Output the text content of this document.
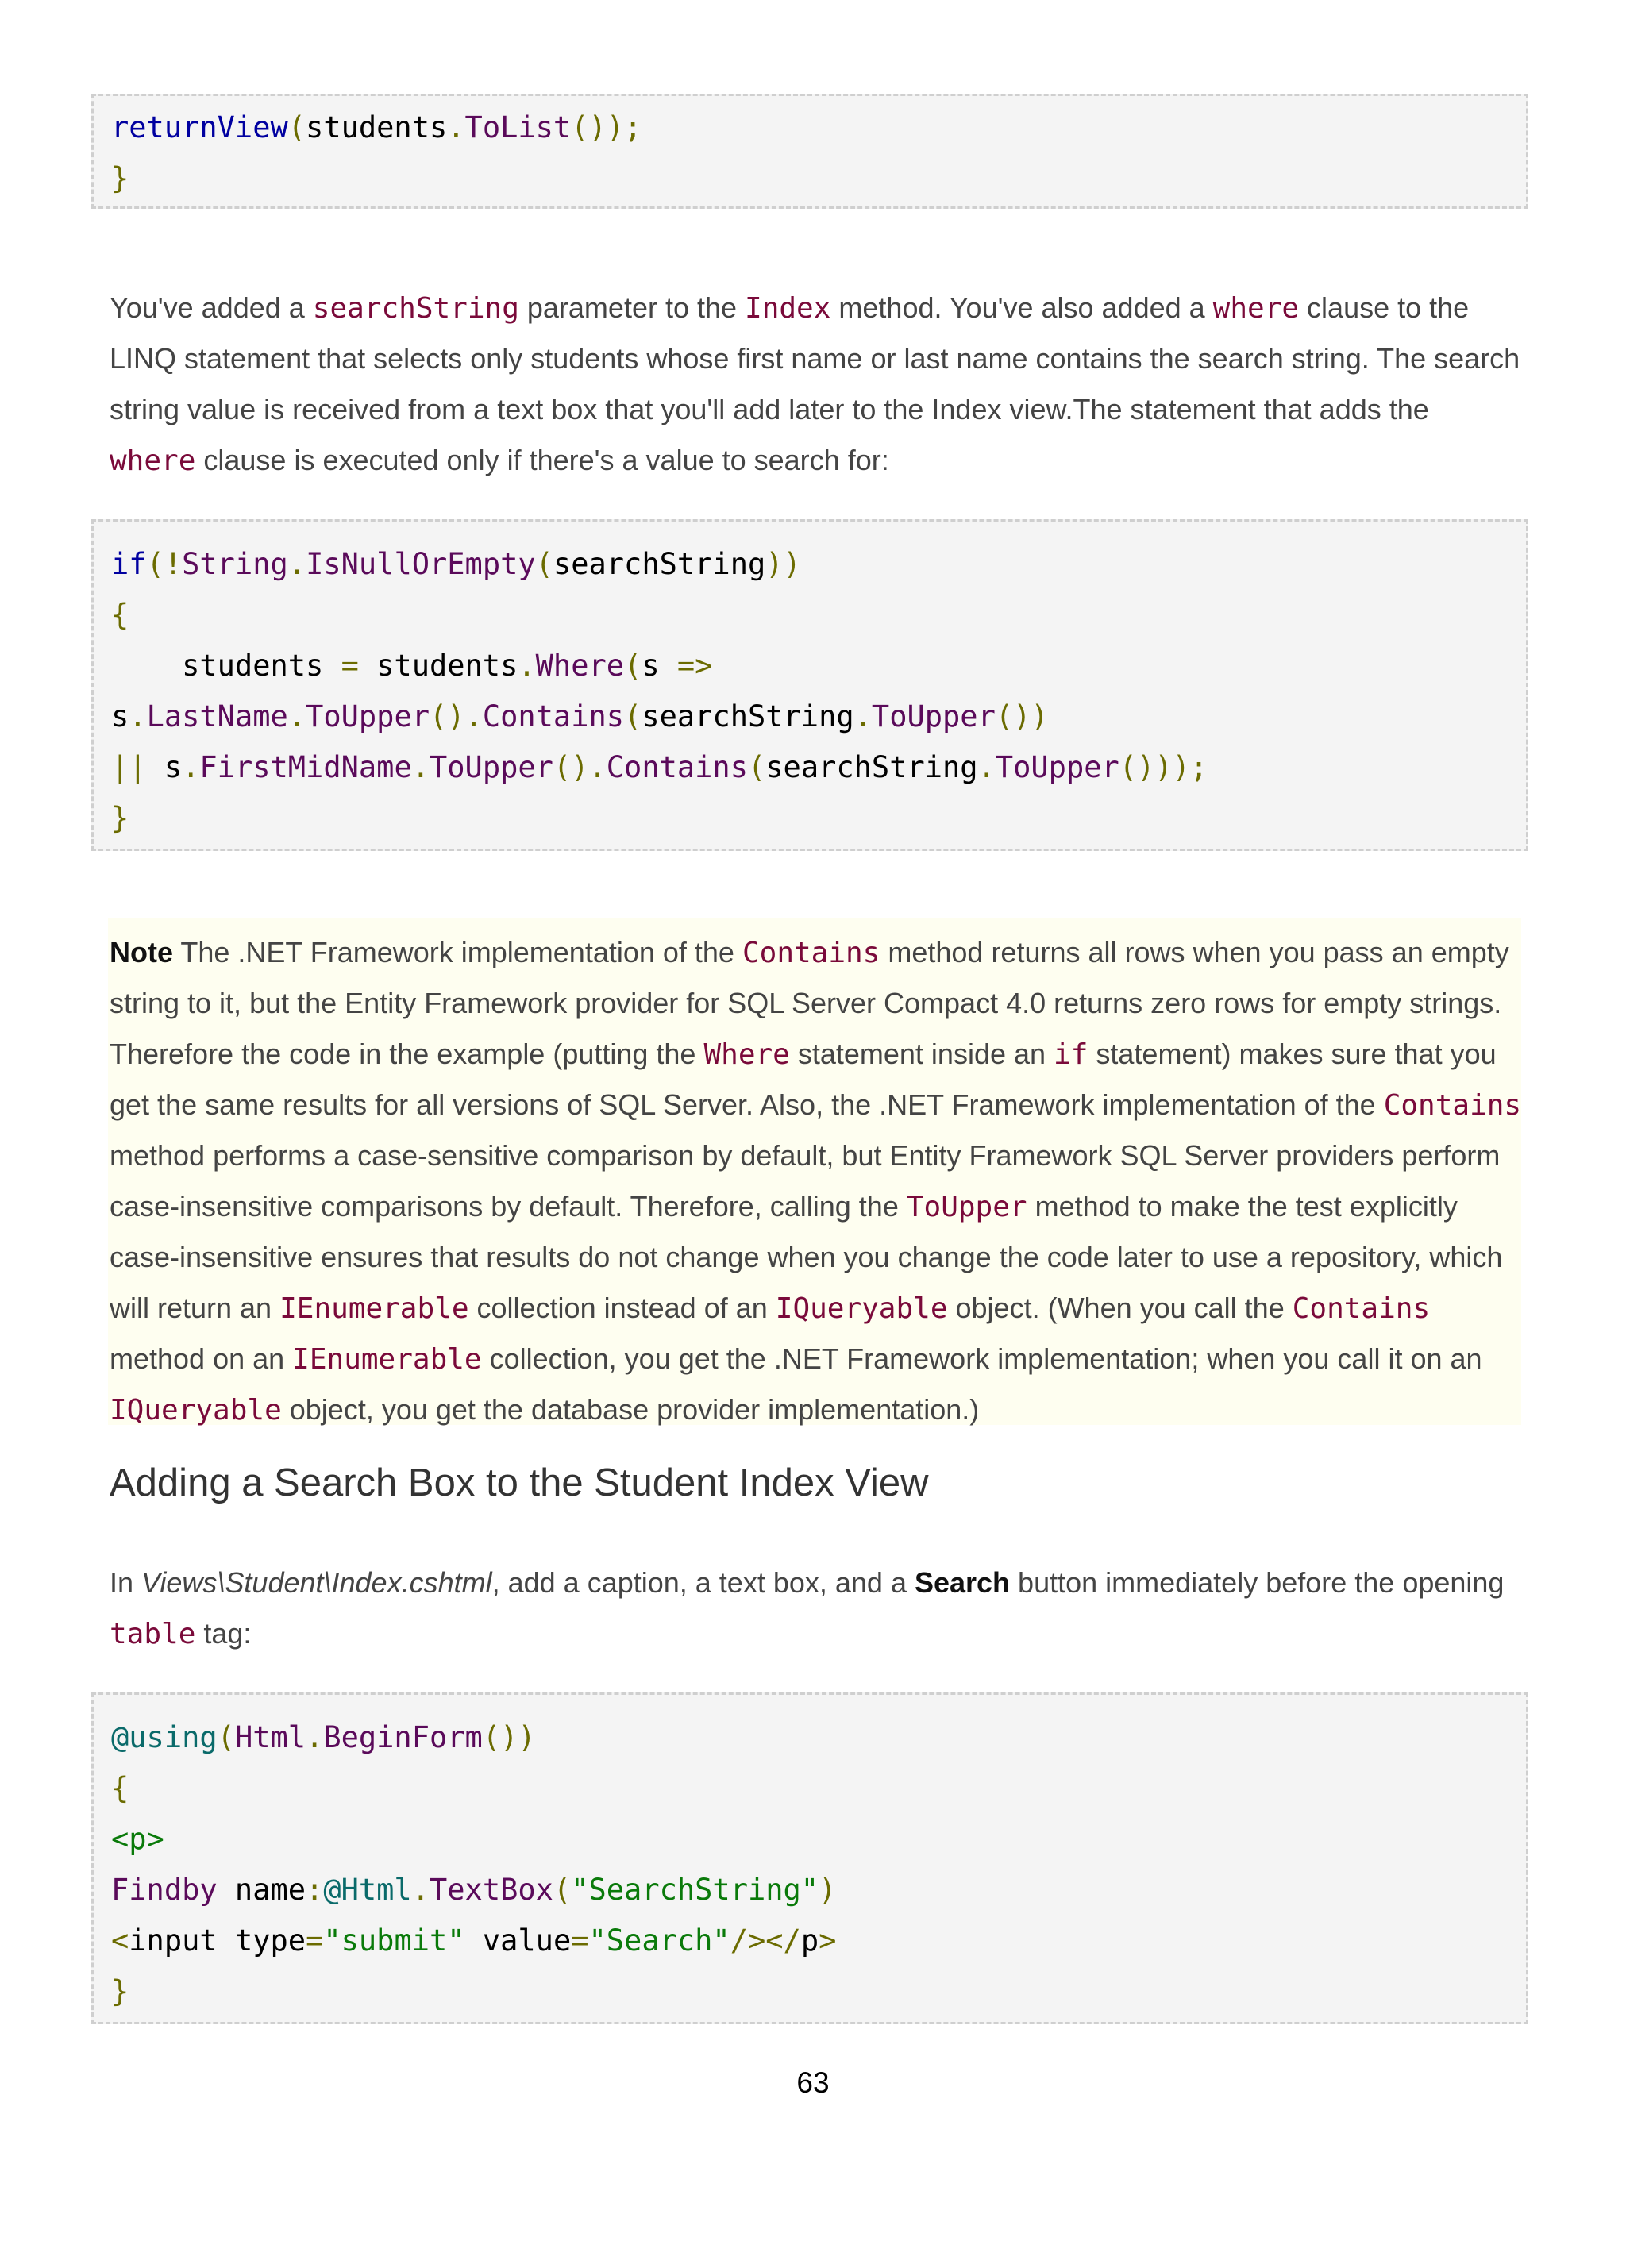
returnView(students.ToList());
}
You've added a searchString parameter to the Index method. You've also added a where clause to the
LINQ statement that selects only students whose first name or last name contains the search string. The search
string value is received from a text box that you'll add later to the Index view.The statement that adds the
where clause is executed only if there's a value to search for:
if(!String.IsNullOrEmpty(searchString))
{
students = students.Where(s =>
s.LastName.ToUpper().Contains(searchString.ToUpper())
|| s.FirstMidName.ToUpper().Contains(searchString.ToUpper()));
}
Note The .NET Framework implementation of the Contains method returns all rows when you pass an empty
string to it, but the Entity Framework provider for SQL Server Compact 4.0 returns zero rows for empty strings.
Therefore the code in the example (putting the Where statement inside an if statement) makes sure that you
get the same results for all versions of SQL Server. Also, the .NET Framework implementation of the Contains
method performs a case-sensitive comparison by default, but Entity Framework SQL Server providers perform
case-insensitive comparisons by default. Therefore, calling the ToUpper method to make the test explicitly
case-insensitive ensures that results do not change when you change the code later to use a repository, which
will return an IEnumerable collection instead of an IQueryable object. (When you call the Contains
method on an IEnumerable collection, you get the .NET Framework implementation; when you call it on an
IQueryable object, you get the database provider implementation.)
Adding a Search Box to the Student Index View
In Views\Student\Index.cshtml, add a caption, a text box, and a Search button immediately before the opening
table tag:
@using(Html.BeginForm())
{
<p>
Findby name:@Html.TextBox("SearchString")
<input type="submit" value="Search"/></p>
}
63
